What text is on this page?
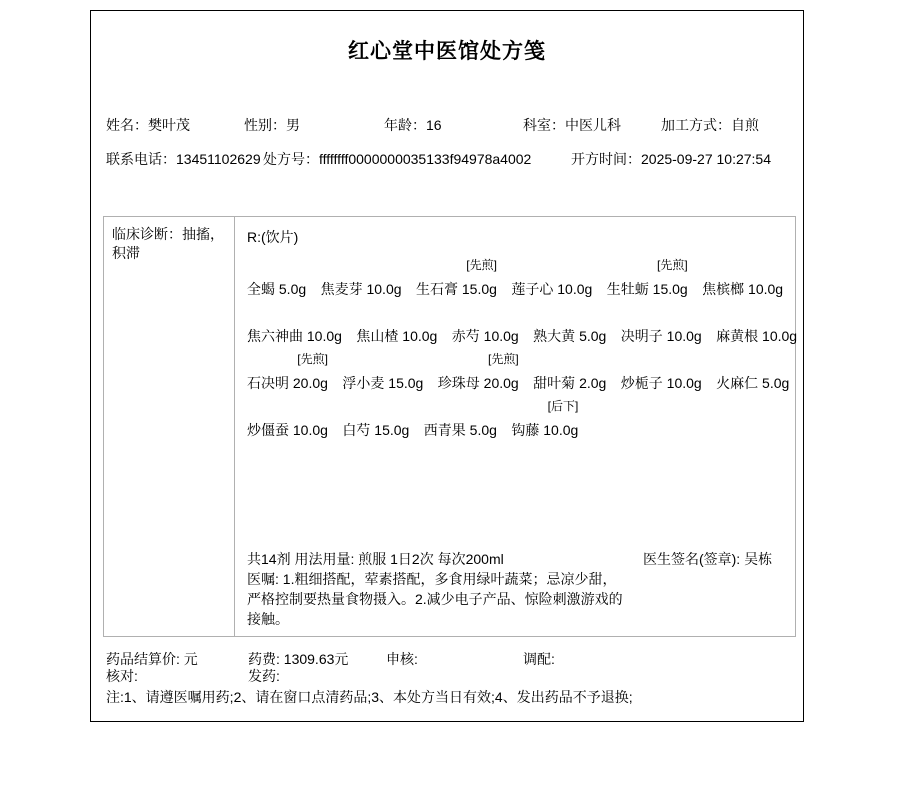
红心堂中医馆处方笺
姓名：樊叶茂	性别：男	年龄：16	科室：中医儿科	加工方式：自煎
联系电话：13451102629 处方号：ffffffff0000000035133f94978a4002	开方时间：2025-09-27 10:27:54
临床诊断：抽搐，积滞
R:(饮片)
全蝎 5.0g
焦麦芽 10.0g

[先煎]
生石膏 15.0g
莲子心 10.0g

[先煎]
生牡蛎 15.0g
焦槟榔 10.0g
焦六神曲 10.0g
焦山楂 10.0g
赤芍 10.0g
熟大黄 5.0g
决明子 10.0g
麻黄根 10.0g
[先煎]
石决明 20.0g
浮小麦 15.0g

[先煎]
珍珠母 20.0g
甜叶菊 2.0g
炒栀子 10.0g
火麻仁 5.0g
炒僵蚕 10.0g
白芍 15.0g
西青果 5.0g

[后下]
钩藤 10.0g
共14剂 用法用量: 煎服 1日2次 每次200ml	医生签名(签章): 吴栋
医嘱: 1.粗细搭配，荤素搭配，多食用绿叶蔬菜；忌凉少甜，严格控制要热量食物摄入。2.减少电子产品、惊险刺激游戏的接触。
药品结算价: 元	药费: 1309.63元	申核:	调配:
核对:	发药:
注:1、请遵医嘱用药;2、请在窗口点清药品;3、本处方当日有效;4、发出药品不予退换;
